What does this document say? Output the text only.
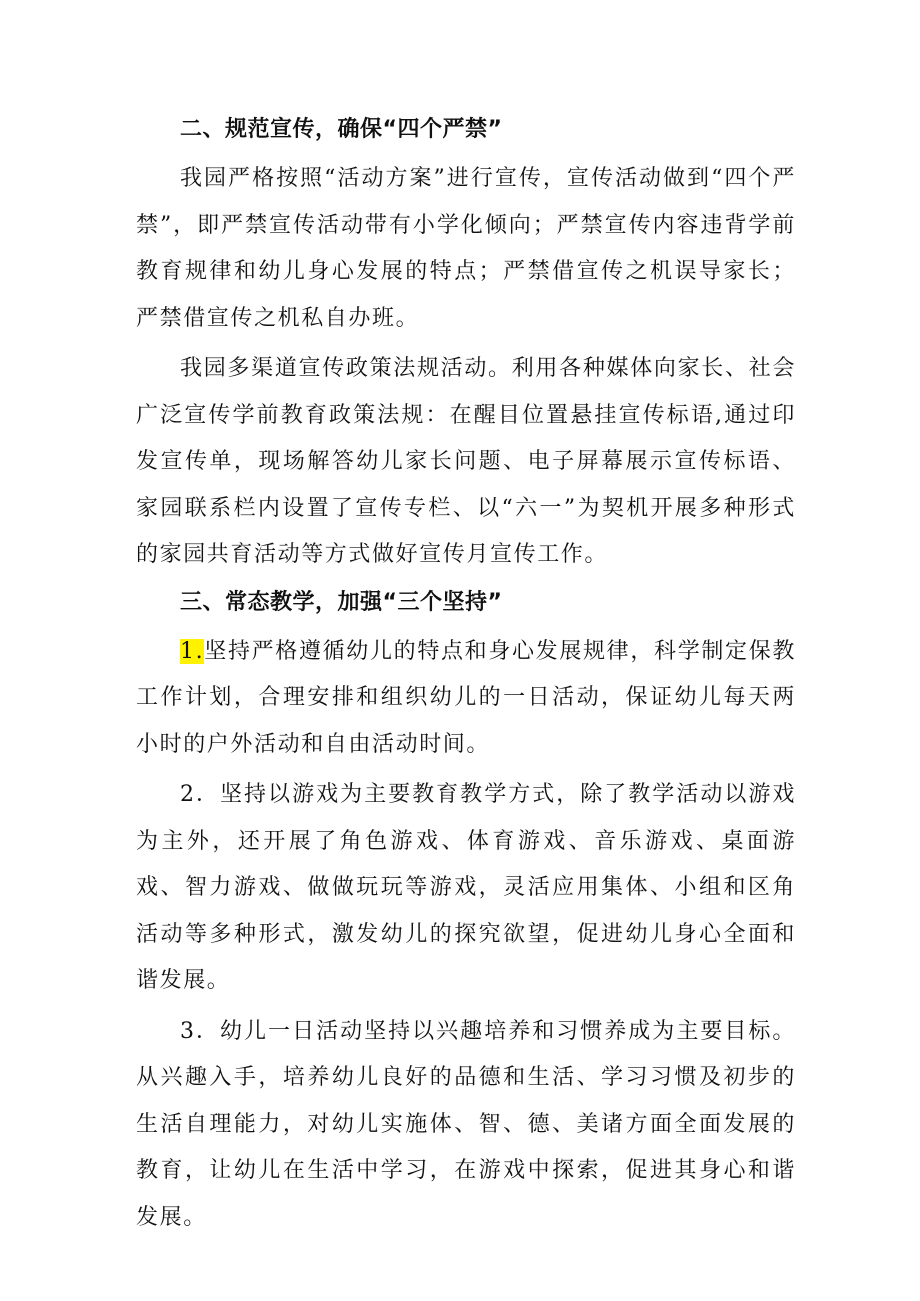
二、规范宣传，确保“四个严禁”

我园严格按照“活动方案”进行宣传，宣传活动做到“四个严禁”，即严禁宣传活动带有小学化倾向；严禁宣传内容违背学前教育规律和幼儿身心发展的特点；严禁借宣传之机误导家长；严禁借宣传之机私自办班。

我园多渠道宣传政策法规活动。利用各种媒体向家长、社会广泛宣传学前教育政策法规：在醒目位置悬挂宣传标语,通过印发宣传单，现场解答幼儿家长问题、电子屏幕展示宣传标语、家园联系栏内设置了宣传专栏、以“六一”为契机开展多种形式的家园共育活动等方式做好宣传月宣传工作。

三、常态教学，加强“三个坚持”

1.坚持严格遵循幼儿的特点和身心发展规律，科学制定保教工作计划，合理安排和组织幼儿的一日活动，保证幼儿每天两小时的户外活动和自由活动时间。

2．坚持以游戏为主要教育教学方式，除了教学活动以游戏为主外，还开展了角色游戏、体育游戏、音乐游戏、桌面游戏、智力游戏、做做玩玩等游戏，灵活应用集体、小组和区角活动等多种形式，激发幼儿的探究欲望，促进幼儿身心全面和谐发展。

3．幼儿一日活动坚持以兴趣培养和习惯养成为主要目标。从兴趣入手，培养幼儿良好的品德和生活、学习习惯及初步的生活自理能力，对幼儿实施体、智、德、美诸方面全面发展的教育，让幼儿在生活中学习，在游戏中探索，促进其身心和谐发展。
